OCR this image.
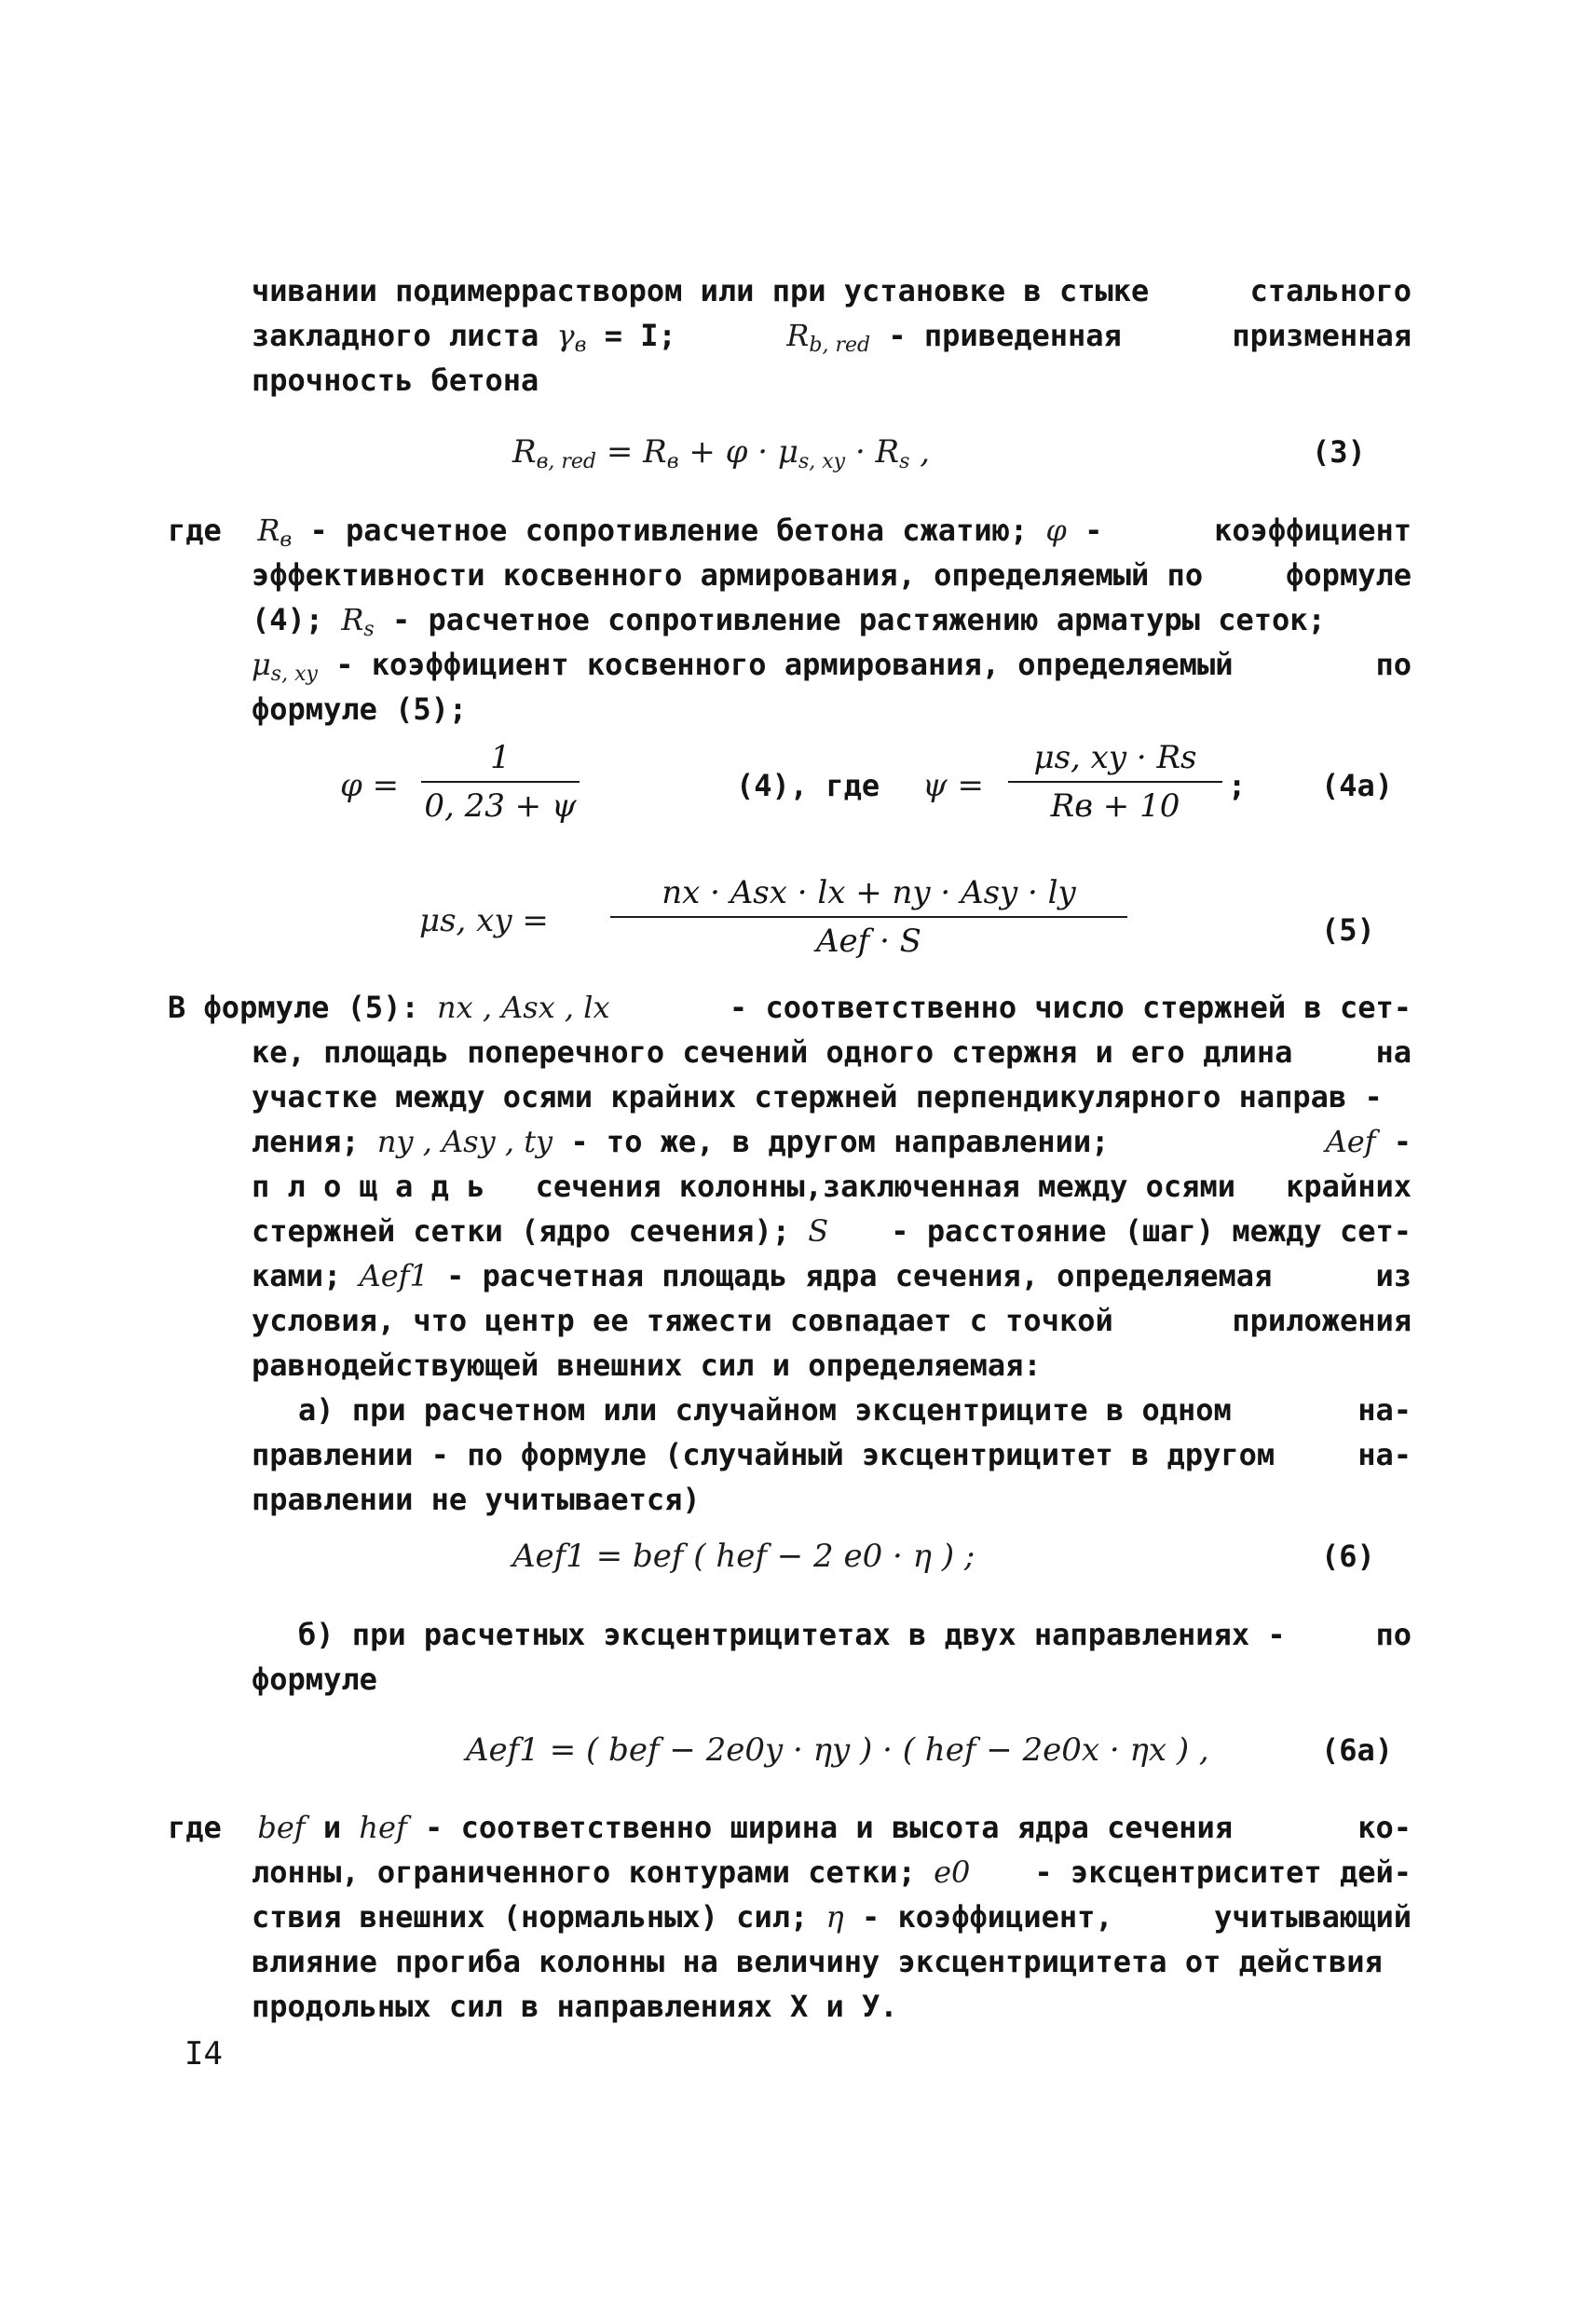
чивании подимерраствором или при установке в стыке	стального
закладного листа $\gamma_в = I$;	$R_{b, red}$ - приведенная	призменная
прочность бетона
$R_{в, red} = R_в + \varphi \cdot \mu_{s, xy} \cdot R_s$ ,	(3)
где $R_в$ - расчетное сопротивление бетона сжатию; φ -	коэффициент
эффективности косвенного армирования, определяемый по	формуле
(4); $R_s$ - расчетное сопротивление растяжению арматуры сеток;
$\mu_{s, xy}$ - коэффициент косвенного армирования, определяемый	по
формуле (5);
φ =
1
0, 23 + ψ
(4), где ψ =
μs, xy · Rs
Rв + 10
;	(4а)
μs, xy =
nx · Asx · lx + ny · Asy · ly
Aef · S	(5)
В формуле (5): nx , Asx , lx	- соответственно число стержней в сет-
ке, площадь поперечного сечений одного стержня и его длина	на
участке между осями крайних стержней перпендикулярного направ -
ления; ny , Asy , ty - то же, в другом направлении;	Aef -
п л о щ а д ь сечения колонны,заключенная между осями крайних
стержней сетки (ядро сечения); S - расстояние (шаг) между сет-
ками; Aef1 - расчетная площадь ядра сечения, определяемая	из
условия, что центр ее тяжести совпадает с точкой	приложения
равнодействующей внешних сил и определяемая:
а) при расчетном или случайном эксцентриците в одном	на-
правлении - по формуле (случайный эксцентрицитет в другом	на-
правлении не учитывается)
Aef1 = bef ( hef − 2 e0 · η ) ;	(6)
б) при расчетных эксцентрицитетах в двух направлениях -	по
формуле
Aef1 = ( bef − 2e0y · ηy ) · ( hef − 2e0x · ηx ) ,	(6а)
где bef и hef - соответственно ширина и высота ядра сечения	ко-
лонны, ограниченного контурами сетки; e0 - эксцентриситет дей-
ствия внешних (нормальных) сил; η - коэффициент,	учитывающий
влияние прогиба колонны на величину эксцентрицитета от действия
продольных сил в направлениях X и У.
I4
